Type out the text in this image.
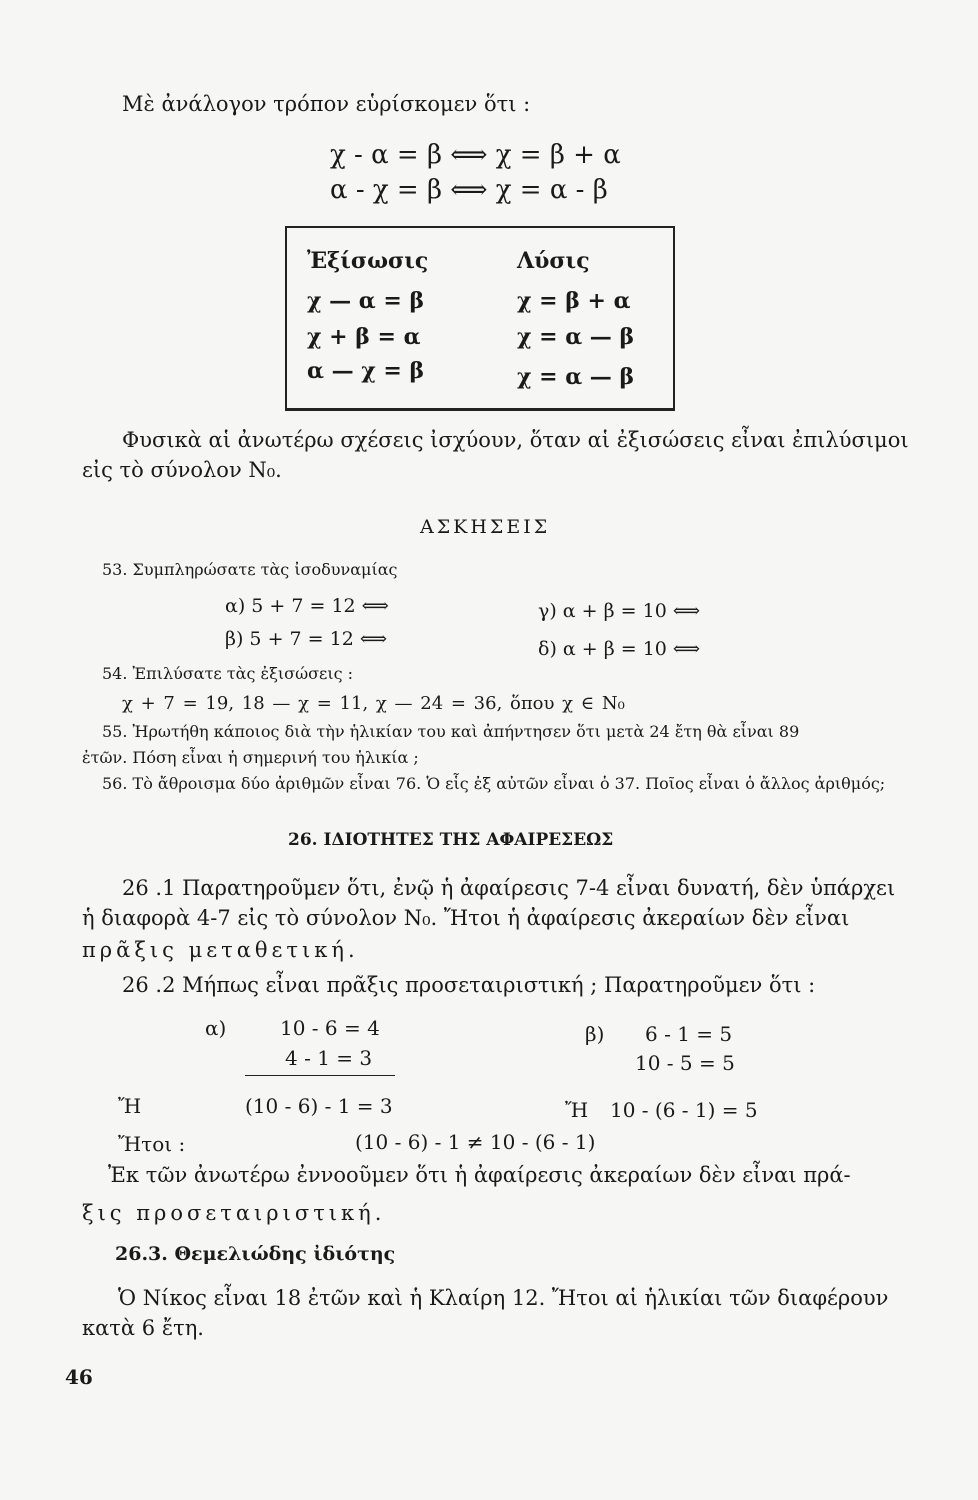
Μὲ ἀνάλογον τρόπον εὑρίσκομεν ὅτι :
χ - α = β ⟺ χ = β + α
α - χ = β ⟺ χ = α - β
Ἐξίσωσις	Λύσις
χ — α = β	χ = β + α
χ + β = α	χ = α — β
α — χ = β	χ = α — β
Φυσικὰ αἱ ἀνωτέρω σχέσεις ἰσχύουν, ὅταν αἱ ἐξισώσεις εἶναι ἐπιλύσιμοι
εἰς τὸ σύνολον N₀.
ΑΣΚΗΣΕΙΣ
53. Συμπληρώσατε τὰς ἰσοδυναμίας
α) 5 + 7 = 12 ⟺	γ) α + β = 10 ⟺
β) 5 + 7 = 12 ⟺	δ) α + β = 10 ⟺
54. Ἐπιλύσατε τὰς ἐξισώσεις :
χ + 7 = 19, 18 — χ = 11, χ — 24 = 36, ὅπου χ ∈ N₀
55. Ἠρωτήθη κάποιος διὰ τὴν ἡλικίαν του καὶ ἀπήντησεν ὅτι μετὰ 24 ἔτη θὰ εἶναι 89
ἐτῶν. Πόση εἶναι ἡ σημερινή του ἡλικία ;
56. Τὸ ἄθροισμα δύο ἀριθμῶν εἶναι 76. Ὁ εἷς ἐξ αὐτῶν εἶναι ὁ 37. Ποῖος εἶναι ὁ ἄλλος ἀριθμός;
26. ΙΔΙΟΤΗΤΕΣ ΤΗΣ ΑΦΑΙΡΕΣΕΩΣ
26 .1 Παρατηροῦμεν ὅτι, ἐνῷ ἡ ἀφαίρεσις 7-4 εἶναι δυνατή, δὲν ὑπάρχει
ἡ διαφορὰ 4-7 εἰς τὸ σύνολον N₀. Ἤτοι ἡ ἀφαίρεσις ἀκεραίων δὲν εἶναι
πρᾶξις μεταθετική.
26 .2 Μήπως εἶναι πρᾶξις προσεταιριστική ; Παρατηροῦμεν ὅτι :
α)	10 - 6 = 4
4 - 1 = 3
β) 6 - 1 = 5
10 - 5 = 5
Ἤ	(10 - 6) - 1 = 3	Ἤ 10 - (6 - 1) = 5
Ἤτοι :	(10 - 6) - 1 ≠ 10 - (6 - 1)
Ἐκ τῶν ἀνωτέρω ἐννοοῦμεν ὅτι ἡ ἀφαίρεσις ἀκεραίων δὲν εἶναι πρά-
ξις προσεταιριστική.
26.3. Θεμελιώδης ἰδιότης
Ὁ Νίκος εἶναι 18 ἐτῶν καὶ ἡ Κλαίρη 12. Ἤτοι αἱ ἡλικίαι τῶν διαφέρουν
κατὰ 6 ἔτη.
46
